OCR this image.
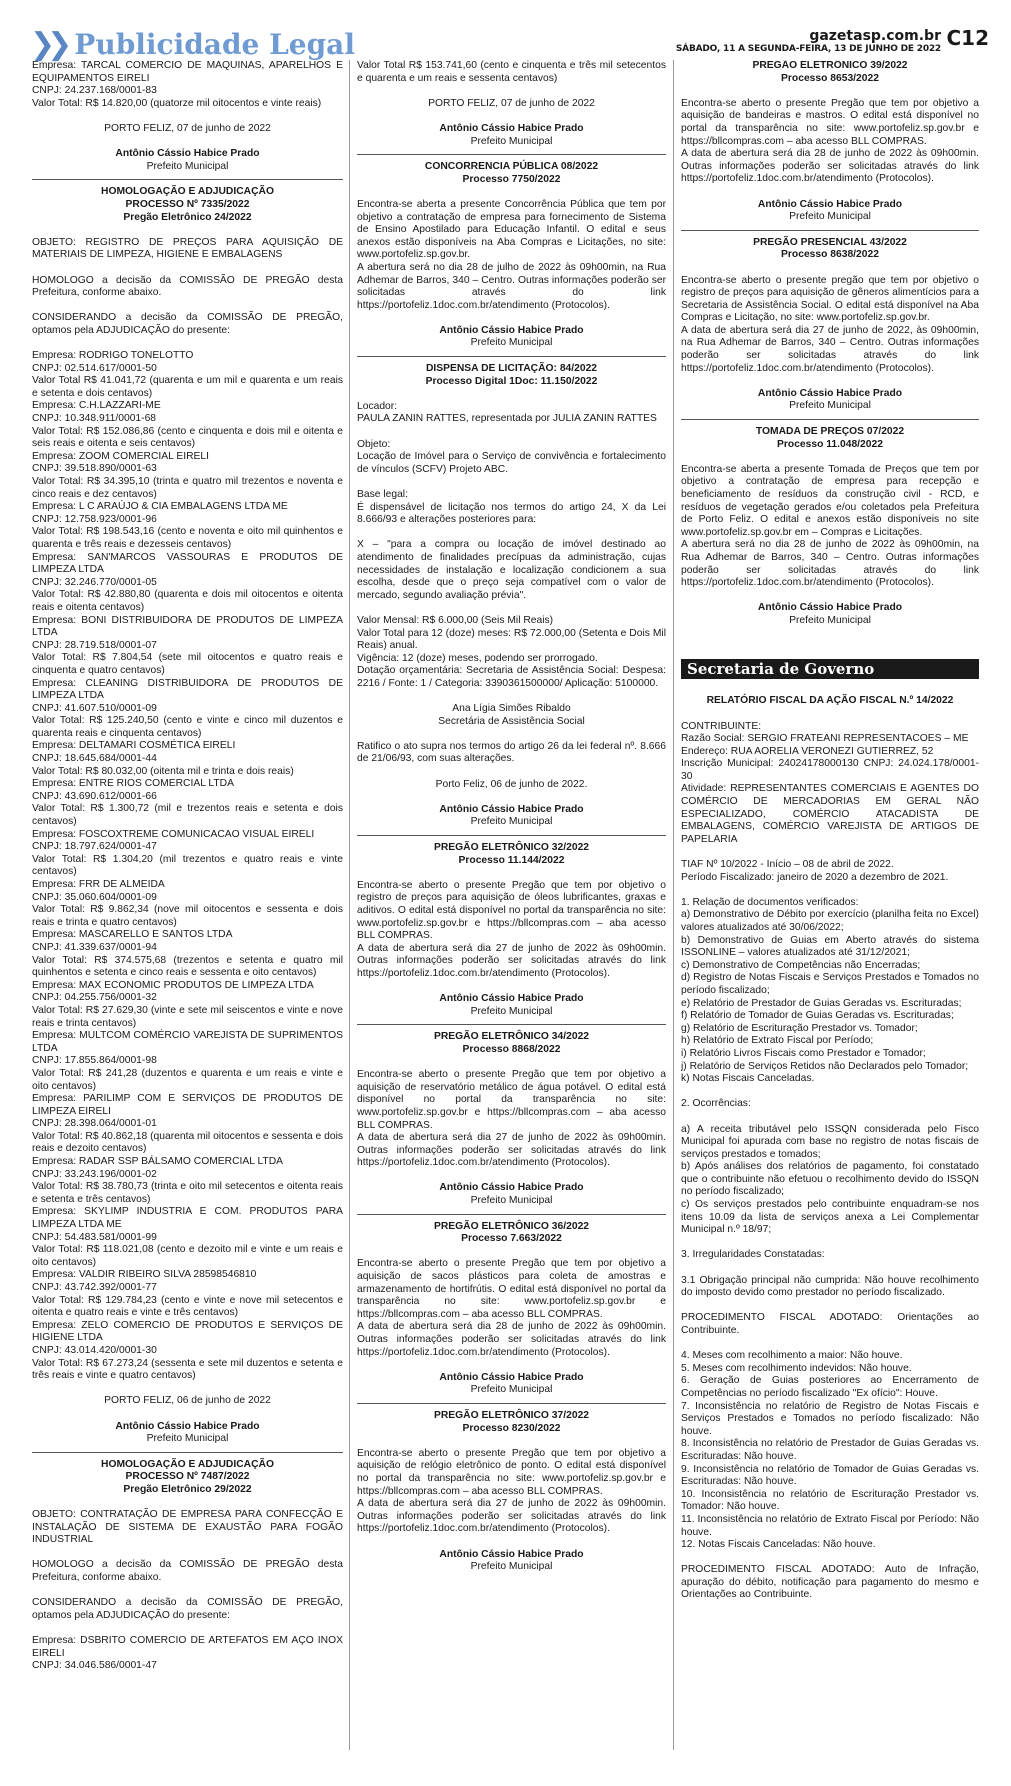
❯❯ Publicidade Legal	gazetasp.com.br
SÁBADO, 11 A SEGUNDA-FEIRA, 13 DE JUNHO DE 2022 C12
Empresa: TARCAL COMERCIO DE MAQUINAS, APARELHOS E EQUIPAMENTOS EIRELI
CNPJ: 24.237.168/0001-83
Valor Total: R$ 14.820,00 (quatorze mil oitocentos e vinte reais)
PORTO FELIZ, 07 de junho de 2022
Antônio Cássio Habice Prado
Prefeito Municipal
HOMOLOGAÇÃO E ADJUDICAÇÃO
PROCESSO Nº 7335/2022
Pregão Eletrônico 24/2022
OBJETO: REGISTRO DE PREÇOS PARA AQUISIÇÃO DE MATERIAIS DE LIMPEZA, HIGIENE E EMBALAGENS
HOMOLOGO a decisão da COMISSÃO DE PREGÃO desta Prefeitura, conforme abaixo.
CONSIDERANDO a decisão da COMISSÃO DE PREGÃO, optamos pela ADJUDICAÇÃO do presente:
Empresa: RODRIGO TONELOTTO
CNPJ: 02.514.617/0001-50
Valor Total R$ 41.041,72 (quarenta e um mil e quarenta e um reais e setenta e dois centavos)
Empresa: C.H.LAZZARI-ME
CNPJ: 10.348.911/0001-68
Valor Total: R$ 152.086,86 (cento e cinquenta e dois mil e oitenta e seis reais e oitenta e seis centavos)
Empresa: ZOOM COMERCIAL EIRELI
CNPJ: 39.518.890/0001-63
Valor Total: R$ 34.395,10 (trinta e quatro mil trezentos e noventa e cinco reais e dez centavos)
Empresa: L C ARAÚJO & CIA EMBALAGENS LTDA ME
CNPJ: 12.758.923/0001-96
Valor Total: R$ 198.543,16 (cento e noventa e oito mil quinhentos e quarenta e três reais e dezesseis centavos)
Empresa: SAN'MARCOS VASSOURAS E PRODUTOS DE LIMPEZA LTDA
CNPJ: 32.246.770/0001-05
Valor Total: R$ 42.880,80 (quarenta e dois mil oitocentos e oitenta reais e oitenta centavos)
Empresa: BONI DISTRIBUIDORA DE PRODUTOS DE LIMPEZA LTDA
CNPJ: 28.719.518/0001-07
Valor Total: R$ 7.804,54 (sete mil oitocentos e quatro reais e cinquenta e quatro centavos)
Empresa: CLEANING DISTRIBUIDORA DE PRODUTOS DE LIMPEZA LTDA
CNPJ: 41.607.510/0001-09
Valor Total: R$ 125.240,50 (cento e vinte e cinco mil duzentos e quarenta reais e cinquenta centavos)
Empresa: DELTAMARI COSMÉTICA EIRELI
CNPJ: 18.645.684/0001-44
Valor Total: R$ 80.032,00 (oitenta mil e trinta e dois reais)
Empresa: ENTRE RIOS COMERCIAL LTDA
CNPJ: 43.690.612/0001-66
Valor Total: R$ 1.300,72 (mil e trezentos reais e setenta e dois centavos)
Empresa: FOSCOXTREME COMUNICACAO VISUAL EIRELI
CNPJ: 18.797.624/0001-47
Valor Total: R$ 1.304,20 (mil trezentos e quatro reais e vinte centavos)
Empresa: FRR DE ALMEIDA
CNPJ: 35.060.604/0001-09
Valor Total: R$ 9.862,34 (nove mil oitocentos e sessenta e dois reais e trinta e quatro centavos)
Empresa: MASCARELLO E SANTOS LTDA
CNPJ: 41.339.637/0001-94
Valor Total: R$ 374.575,68 (trezentos e setenta e quatro mil quinhentos e setenta e cinco reais e sessenta e oito centavos)
Empresa: MAX ECONOMIC PRODUTOS DE LIMPEZA LTDA
CNPJ: 04.255.756/0001-32
Valor Total: R$ 27.629,30 (vinte e sete mil seiscentos e vinte e nove reais e trinta centavos)
Empresa: MULTCOM COMÉRCIO VAREJISTA DE SUPRIMENTOS LTDA
CNPJ: 17.855.864/0001-98
Valor Total: R$ 241,28 (duzentos e quarenta e um reais e vinte e oito centavos)
Empresa: PARILIMP COM E SERVIÇOS DE PRODUTOS DE LIMPEZA EIRELI
CNPJ: 28.398.064/0001-01
Valor Total: R$ 40.862,18 (quarenta mil oitocentos e sessenta e dois reais e dezoito centavos)
Empresa: RADAR SSP BÁLSAMO COMERCIAL LTDA
CNPJ: 33.243.196/0001-02
Valor Total: R$ 38.780,73 (trinta e oito mil setecentos e oitenta reais e setenta e três centavos)
Empresa: SKYLIMP INDUSTRIA E COM. PRODUTOS PARA LIMPEZA LTDA ME
CNPJ: 54.483.581/0001-99
Valor Total: R$ 118.021,08 (cento e dezoito mil e vinte e um reais e oito centavos)
Empresa: VALDIR RIBEIRO SILVA 28598546810
CNPJ: 43.742.392/0001-77
Valor Total: R$ 129.784,23 (cento e vinte e nove mil setecentos e oitenta e quatro reais e vinte e três centavos)
Empresa: ZELO COMERCIO DE PRODUTOS E SERVIÇOS DE HIGIENE LTDA
CNPJ: 43.014.420/0001-30
Valor Total: R$ 67.273,24 (sessenta e sete mil duzentos e setenta e três reais e vinte e quatro centavos)
PORTO FELIZ, 06 de junho de 2022
Antônio Cássio Habice Prado
Prefeito Municipal
HOMOLOGAÇÃO E ADJUDICAÇÃO
PROCESSO Nº 7487/2022
Pregão Eletrônico 29/2022
OBJETO: CONTRATAÇÃO DE EMPRESA PARA CONFECÇÃO E INSTALAÇÃO DE SISTEMA DE EXAUSTÃO PARA FOGÃO INDUSTRIAL
HOMOLOGO a decisão da COMISSÃO DE PREGÃO desta Prefeitura, conforme abaixo.
CONSIDERANDO a decisão da COMISSÃO DE PREGÃO, optamos pela ADJUDICAÇÃO do presente:
Empresa: DSBRITO COMERCIO DE ARTEFATOS EM AÇO INOX EIRELI
CNPJ: 34.046.586/0001-47
Valor Total R$ 153.741,60 (cento e cinquenta e três mil setecentos e quarenta e um reais e sessenta centavos)
PORTO FELIZ, 07 de junho de 2022
Antônio Cássio Habice Prado
Prefeito Municipal
CONCORRENCIA PÚBLICA 08/2022
Processo 7750/2022
Encontra-se aberta a presente Concorrência Pública que tem por objetivo a contratação de empresa para fornecimento de Sistema de Ensino Apostilado para Educação Infantil. O edital e seus anexos estão disponíveis na Aba Compras e Licitações, no site: www.portofeliz.sp.gov.br.
A abertura será no dia 28 de julho de 2022 às 09h00min, na Rua Adhemar de Barros, 340 – Centro. Outras informações poderão ser solicitadas através do link https://portofeliz.1doc.com.br/atendimento (Protocolos).
Antônio Cássio Habice Prado
Prefeito Municipal
DISPENSA DE LICITAÇÃO: 84/2022
Processo Digital 1Doc: 11.150/2022
Locador:
PAULA ZANIN RATTES, representada por JULIA ZANIN RATTES
Objeto:
Locação de Imóvel para o Serviço de convivência e fortalecimento de vínculos (SCFV) Projeto ABC.
Base legal:
É dispensável de licitação nos termos do artigo 24, X da Lei 8.666/93 e alterações posteriores para:
X – "para a compra ou locação de imóvel destinado ao atendimento de finalidades precípuas da administração, cujas necessidades de instalação e localização condicionem a sua escolha, desde que o preço seja compatível com o valor de mercado, segundo avaliação prévia".
Valor Mensal: R$ 6.000,00 (Seis Mil Reais)
Valor Total para 12 (doze) meses: R$ 72.000,00 (Setenta e Dois Mil Reais) anual.
Vigência: 12 (doze) meses, podendo ser prorrogado.
Dotação orçamentária: Secretaria de Assistência Social: Despesa: 2216 / Fonte: 1 / Categoria: 3390361500000/ Aplicação: 5100000.
Ana Lígia Simões Ribaldo
Secretária de Assistência Social
Ratifico o ato supra nos termos do artigo 26 da lei federal nº. 8.666 de 21/06/93, com suas alterações.
Porto Feliz, 06 de junho de 2022.
Antônio Cássio Habice Prado
Prefeito Municipal
PREGÃO ELETRÔNICO 32/2022
Processo 11.144/2022
Encontra-se aberto o presente Pregão que tem por objetivo o registro de preços para aquisição de óleos lubrificantes, graxas e aditivos. O edital está disponível no portal da transparência no site: www.portofeliz.sp.gov.br e https://bllcompras.com – aba acesso BLL COMPRAS.
A data de abertura será dia 27 de junho de 2022 às 09h00min. Outras informações poderão ser solicitadas através do link https://portofeliz.1doc.com.br/atendimento (Protocolos).
Antônio Cássio Habice Prado
Prefeito Municipal
PREGÃO ELETRÔNICO 34/2022
Processo 8868/2022
Encontra-se aberto o presente Pregão que tem por objetivo a aquisição de reservatório metálico de água potável. O edital está disponível no portal da transparência no site: www.portofeliz.sp.gov.br e https://bllcompras.com – aba acesso BLL COMPRAS.
A data de abertura será dia 27 de junho de 2022 às 09h00min. Outras informações poderão ser solicitadas através do link https://portofeliz.1doc.com.br/atendimento (Protocolos).
Antônio Cássio Habice Prado
Prefeito Municipal
PREGÃO ELETRÔNICO 36/2022
Processo 7.663/2022
Encontra-se aberto o presente Pregão que tem por objetivo a aquisição de sacos plásticos para coleta de amostras e armazenamento de hortifrútis. O edital está disponível no portal da transparência no site: www.portofeliz.sp.gov.br e https://bllcompras.com – aba acesso BLL COMPRAS.
A data de abertura será dia 28 de junho de 2022 às 09h00min. Outras informações poderão ser solicitadas através do link https://portofeliz.1doc.com.br/atendimento (Protocolos).
Antônio Cássio Habice Prado
Prefeito Municipal
PREGÃO ELETRÔNICO 37/2022
Processo 8230/2022
Encontra-se aberto o presente Pregão que tem por objetivo a aquisição de relógio eletrônico de ponto. O edital está disponível no portal da transparência no site: www.portofeliz.sp.gov.br e https://bllcompras.com – aba acesso BLL COMPRAS.
A data de abertura será dia 27 de junho de 2022 às 09h00min. Outras informações poderão ser solicitadas através do link https://portofeliz.1doc.com.br/atendimento (Protocolos).
Antônio Cássio Habice Prado
Prefeito Municipal
PREGÃO ELETRÔNICO 39/2022
Processo 8653/2022
Encontra-se aberto o presente Pregão que tem por objetivo a aquisição de bandeiras e mastros. O edital está disponível no portal da transparência no site: www.portofeliz.sp.gov.br e https://bllcompras.com – aba acesso BLL COMPRAS.
A data de abertura será dia 28 de junho de 2022 às 09h00min. Outras informações poderão ser solicitadas através do link https://portofeliz.1doc.com.br/atendimento (Protocolos).
Antônio Cássio Habice Prado
Prefeito Municipal
PREGÃO PRESENCIAL 43/2022
Processo 8638/2022
Encontra-se aberto o presente pregão que tem por objetivo o registro de preços para aquisição de gêneros alimentícios para a Secretaria de Assistência Social. O edital está disponível na Aba Compras e Licitação, no site: www.portofeliz.sp.gov.br.
A data de abertura será dia 27 de junho de 2022, às 09h00min, na Rua Adhemar de Barros, 340 – Centro. Outras informações poderão ser solicitadas através do link https://portofeliz.1doc.com.br/atendimento (Protocolos).
Antônio Cássio Habice Prado
Prefeito Municipal
TOMADA DE PREÇOS 07/2022
Processo 11.048/2022
Encontra-se aberta a presente Tomada de Preços que tem por objetivo a contratação de empresa para recepção e beneficiamento de resíduos da construção civil - RCD, e resíduos de vegetação gerados e/ou coletados pela Prefeitura de Porto Feliz. O edital e anexos estão disponíveis no site www.portofeliz.sp.gov.br em – Compras e Licitações.
A abertura será no dia 28 de junho de 2022 às 09h00min, na Rua Adhemar de Barros, 340 – Centro. Outras informações poderão ser solicitadas através do link https://portofeliz.1doc.com.br/atendimento (Protocolos).
Antônio Cássio Habice Prado
Prefeito Municipal
Secretaria de Governo
RELATÓRIO FISCAL DA AÇÃO FISCAL N.º 14/2022
CONTRIBUINTE:
Razão Social: SERGIO FRATEANI REPRESENTACOES – ME
Endereço: RUA AORELIA VERONEZI GUTIERREZ, 52
Inscrição Municipal: 24024178000130 CNPJ: 24.024.178/0001-30
Atividade: REPRESENTANTES COMERCIAIS E AGENTES DO COMÉRCIO DE MERCADORIAS EM GERAL NÃO ESPECIALIZADO, COMÉRCIO ATACADISTA DE EMBALAGENS, COMÉRCIO VAREJISTA DE ARTIGOS DE PAPELARIA
TIAF Nº 10/2022 - Início – 08 de abril de 2022.
Período Fiscalizado: janeiro de 2020 a dezembro de 2021.
1. Relação de documentos verificados:
a) Demonstrativo de Débito por exercício (planilha feita no Excel) valores atualizados até 30/06/2022;
b) Demonstrativo de Guias em Aberto através do sistema ISSONLINE – valores atualizados até 31/12/2021;
c) Demonstrativo de Competências não Encerradas;
d) Registro de Notas Fiscais e Serviços Prestados e Tomados no período fiscalizado;
e) Relatório de Prestador de Guias Geradas vs. Escrituradas;
f) Relatório de Tomador de Guias Geradas vs. Escrituradas;
g) Relatório de Escrituração Prestador vs. Tomador;
h) Relatório de Extrato Fiscal por Período;
i) Relatório Livros Fiscais como Prestador e Tomador;
j) Relatório de Serviços Retidos não Declarados pelo Tomador;
k) Notas Fiscais Canceladas.
2. Ocorrências:
a) A receita tributável pelo ISSQN considerada pelo Fisco Municipal foi apurada com base no registro de notas fiscais de serviços prestados e tomados;
b) Após análises dos relatórios de pagamento, foi constatado que o contribuinte não efetuou o recolhimento devido do ISSQN no período fiscalizado;
c) Os serviços prestados pelo contribuinte enquadram-se nos itens 10.09 da lista de serviços anexa a Lei Complementar Municipal n.º 18/97;
3. Irregularidades Constatadas:
3.1 Obrigação principal não cumprida: Não houve recolhimento do imposto devido como prestador no período fiscalizado.
PROCEDIMENTO FISCAL ADOTADO: Orientações ao Contribuinte.
4. Meses com recolhimento a maior: Não houve.
5. Meses com recolhimento indevidos: Não houve.
6. Geração de Guias posteriores ao Encerramento de Competências no período fiscalizado "Ex ofício": Houve.
7. Inconsistência no relatório de Registro de Notas Fiscais e Serviços Prestados e Tomados no período fiscalizado: Não houve.
8. Inconsistência no relatório de Prestador de Guias Geradas vs. Escrituradas: Não houve.
9. Inconsistência no relatório de Tomador de Guias Geradas vs. Escrituradas: Não houve.
10. Inconsistência no relatório de Escrituração Prestador vs. Tomador: Não houve.
11. Inconsistência no relatório de Extrato Fiscal por Período: Não houve.
12. Notas Fiscais Canceladas: Não houve.
PROCEDIMENTO FISCAL ADOTADO: Auto de Infração, apuração do débito, notificação para pagamento do mesmo e Orientações ao Contribuinte.
